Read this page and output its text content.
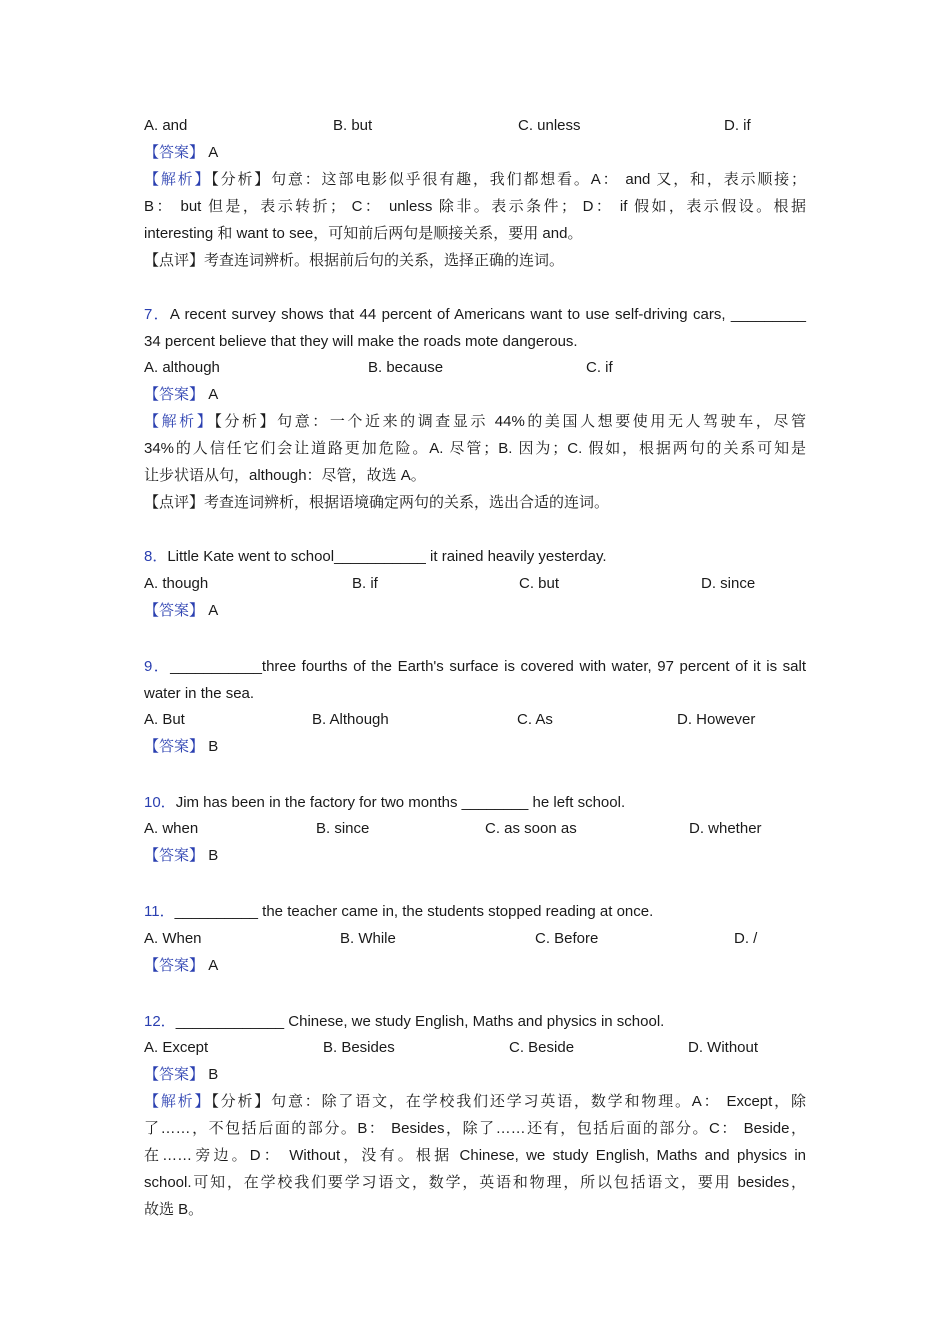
A. and	B. but	C. unless	D. if
【答案】 A
【解析】【分析】句意：这部电影似乎很有趣，我们都想看。A： and 又，和，表示顺接；
B： but 但是，表示转折； C： unless 除非。表示条件； D： if 假如，表示假设。根据
interesting 和 want to see，可知前后两句是顺接关系，要用 and。
【点评】考查连词辨析。根据前后句的关系，选择正确的连词。
7．A recent survey shows that 44 percent of Americans want to use self-driving cars, _________
34 percent believe that they will make the roads mote dangerous.
A. although	B. because	C. if
【答案】 A
【解析】【分析】句意：一个近来的调查显示 44%的美国人想要使用无人驾驶车，尽管
34%的人信任它们会让道路更加危险。A. 尽管；B. 因为；C. 假如，根据两句的关系可知是
让步状语从句，although：尽管，故选 A。
【点评】考查连词辨析，根据语境确定两句的关系，选出合适的连词。
8．Little Kate went to school___________ it rained heavily yesterday.
A. though	B. if	C. but	D. since
【答案】 A
9．___________three fourths of the Earth's surface is covered with water, 97 percent of it is salt
water in the sea.
A. But	B. Although	C. As	D. However
【答案】 B
10．Jim has been in the factory for two months ________ he left school.
A. when	B. since	C. as soon as	D. whether
【答案】 B
11．__________ the teacher came in, the students stopped reading at once.
A. When	B. While	C. Before	D. /
【答案】 A
12．_____________ Chinese, we study English, Maths and physics in school.
A. Except	B. Besides	C. Beside	D. Without
【答案】 B
【解析】【分析】句意：除了语文，在学校我们还学习英语，数学和物理。A： Except，除
了……，不包括后面的部分。B： Besides，除了……还有，包括后面的部分。C： Beside，
在……旁边。D： Without，没有。根据 Chinese, we study English, Maths and physics in
school.可知，在学校我们要学习语文，数学，英语和物理，所以包括语文，要用 besides，
故选 B。
